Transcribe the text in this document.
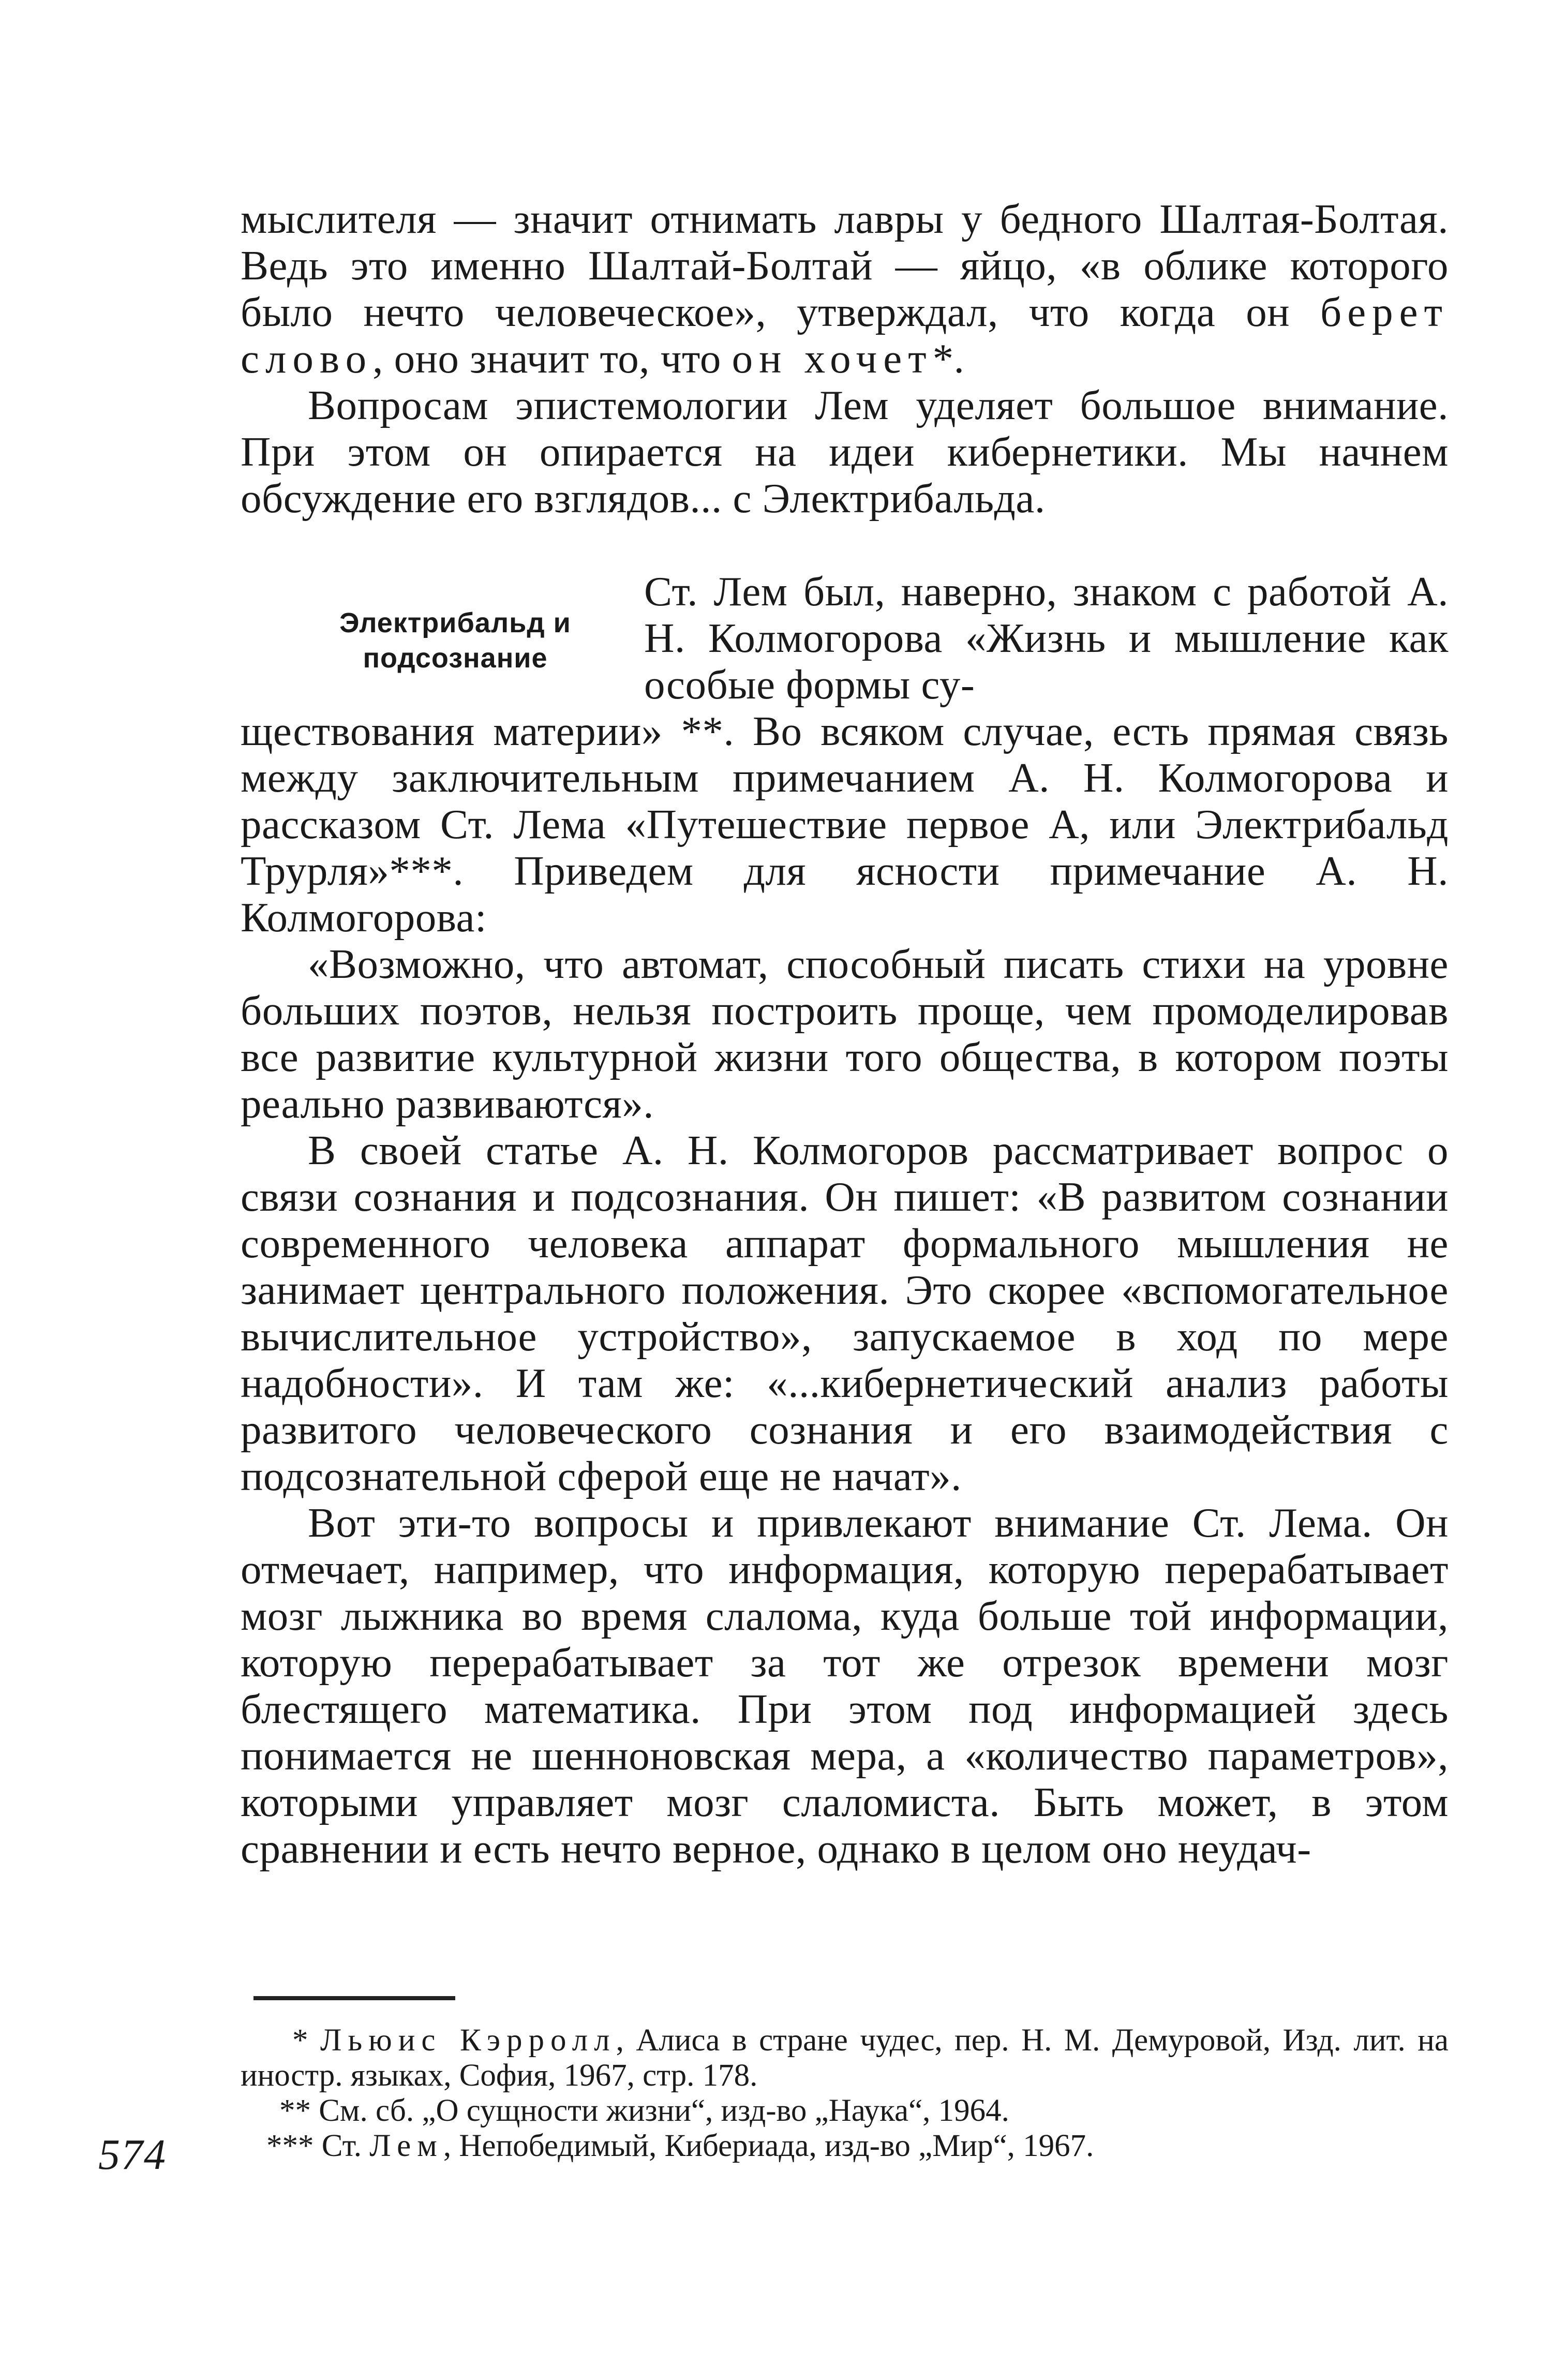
мыслителя — значит отнимать лавры у бедного Шалтая-Болтая. Ведь это именно Шалтай-Болтай — яйцо, «в облике которого было нечто человеческое», утверждал, что когда он берет слово, оно значит то, что он хочет*.

Вопросам эпистемологии Лем уделяет большое внимание. При этом он опирается на идеи кибернетики. Мы начнем обсуждение его взглядов... с Электрибальда.

Электрибальд и
подсознание

Ст. Лем был, наверно, знаком с работой А. Н. Колмогорова «Жизнь и мышление как особые формы су-

ществования материи» **. Во всяком случае, есть прямая связь между заключительным примечанием А. Н. Колмогорова и рассказом Ст. Лема «Путешествие первое А, или Электрибальд Трурля»***. Приведем для ясности примечание А. Н. Колмогорова:

«Возможно, что автомат, способный писать стихи на уровне больших поэтов, нельзя построить проще, чем промоделировав все развитие культурной жизни того общества, в котором поэты реально развиваются».

В своей статье А. Н. Колмогоров рассматривает вопрос о связи сознания и подсознания. Он пишет: «В развитом сознании современного человека аппарат формального мышления не занимает центрального положения. Это скорее «вспомогательное вычислительное устройство», запускаемое в ход по мере надобности». И там же: «...кибернетический анализ работы развитого человеческого сознания и его взаимодействия с подсознательной сферой еще не начат».

Вот эти-то вопросы и привлекают внимание Ст. Лема. Он отмечает, например, что информация, которую перерабатывает мозг лыжника во время слалома, куда больше той информации, которую перерабатывает за тот же отрезок времени мозг блестящего математика. При этом под информацией здесь понимается не шенноновская мера, а «количество параметров», которыми управляет мозг слаломиста. Быть может, в этом сравнении и есть нечто верное, однако в целом оно неудач-

* Льюис Кэрролл, Алиса в стране чудес, пер. Н. М. Демуровой, Изд. лит. на иностр. языках, София, 1967, стр. 178.

** См. сб. „О сущности жизни“, изд-во „Наука“, 1964.

*** Ст. Лем, Непобедимый, Кибериада, изд-во „Мир“, 1967.

574
